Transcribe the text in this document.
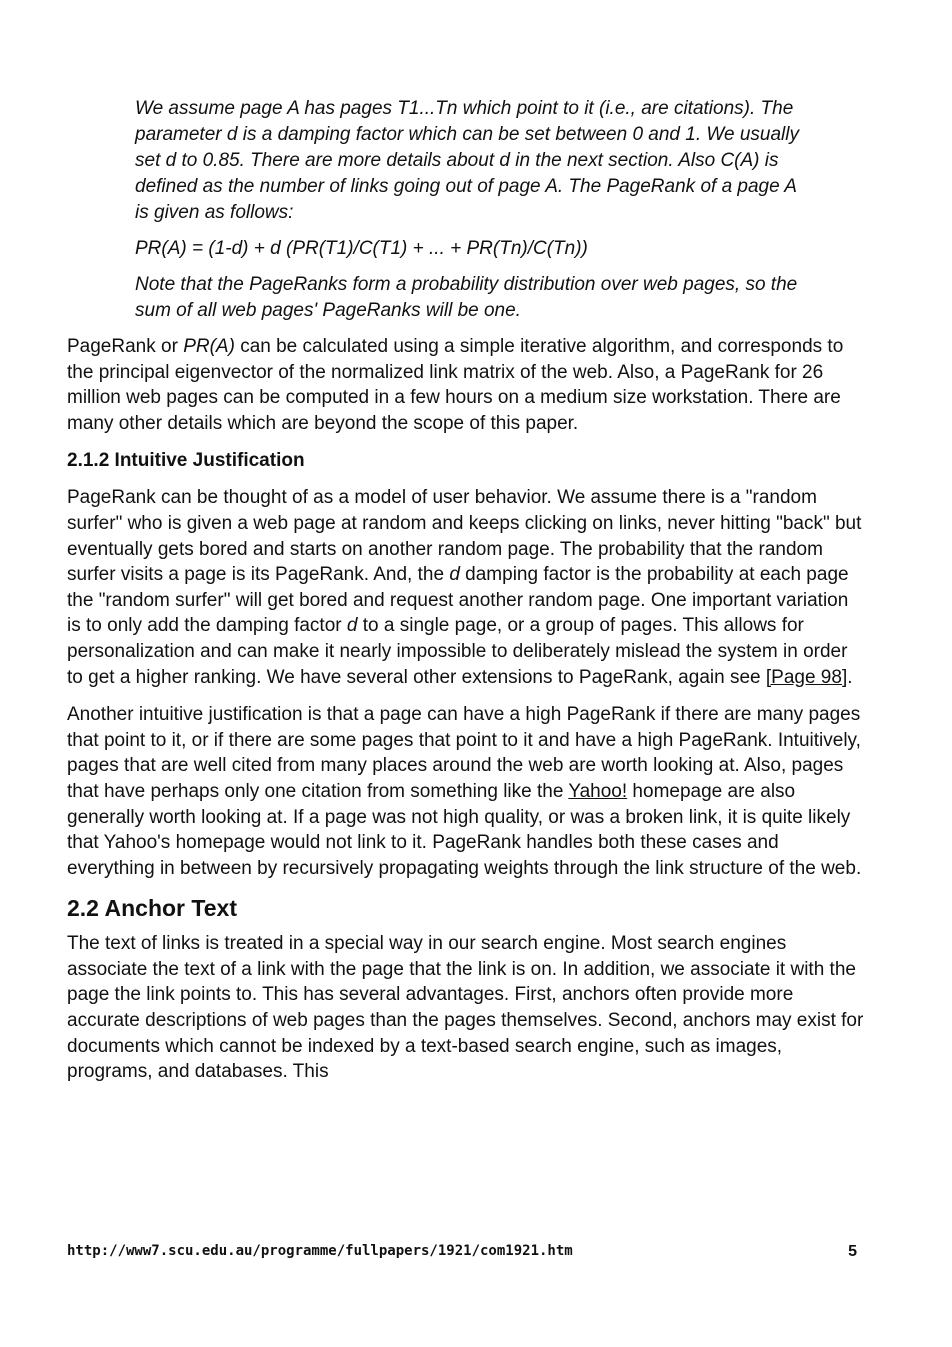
We assume page A has pages T1...Tn which point to it (i.e., are citations). The parameter d is a damping factor which can be set between 0 and 1. We usually set d to 0.85. There are more details about d in the next section. Also C(A) is defined as the number of links going out of page A. The PageRank of a page A is given as follows:

PR(A) = (1-d) + d (PR(T1)/C(T1) + ... + PR(Tn)/C(Tn))

Note that the PageRanks form a probability distribution over web pages, so the sum of all web pages' PageRanks will be one.

PageRank or PR(A) can be calculated using a simple iterative algorithm, and corresponds to the principal eigenvector of the normalized link matrix of the web. Also, a PageRank for 26 million web pages can be computed in a few hours on a medium size workstation. There are many other details which are beyond the scope of this paper.

2.1.2 Intuitive Justification

PageRank can be thought of as a model of user behavior. We assume there is a "random surfer" who is given a web page at random and keeps clicking on links, never hitting "back" but eventually gets bored and starts on another random page. The probability that the random surfer visits a page is its PageRank. And, the d damping factor is the probability at each page the "random surfer" will get bored and request another random page. One important variation is to only add the damping factor d to a single page, or a group of pages. This allows for personalization and can make it nearly impossible to deliberately mislead the system in order to get a higher ranking. We have several other extensions to PageRank, again see [Page 98].

Another intuitive justification is that a page can have a high PageRank if there are many pages that point to it, or if there are some pages that point to it and have a high PageRank. Intuitively, pages that are well cited from many places around the web are worth looking at. Also, pages that have perhaps only one citation from something like the Yahoo! homepage are also generally worth looking at. If a page was not high quality, or was a broken link, it is quite likely that Yahoo's homepage would not link to it. PageRank handles both these cases and everything in between by recursively propagating weights through the link structure of the web.

2.2 Anchor Text

The text of links is treated in a special way in our search engine. Most search engines associate the text of a link with the page that the link is on. In addition, we associate it with the page the link points to. This has several advantages. First, anchors often provide more accurate descriptions of web pages than the pages themselves. Second, anchors may exist for documents which cannot be indexed by a text-based search engine, such as images, programs, and databases. This

http://www7.scu.edu.au/programme/fullpapers/1921/com1921.htm	5
